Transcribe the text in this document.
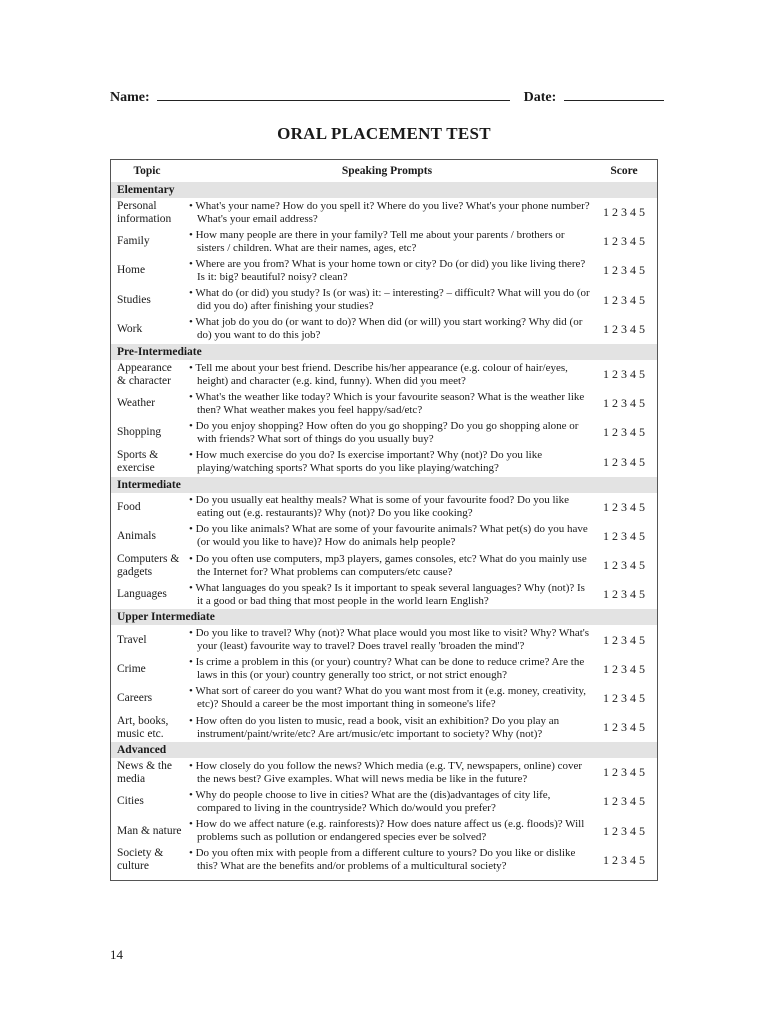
Name:	Date:
ORAL PLACEMENT TEST
Topic	Speaking Prompts	Score
Elementary		
Personal information	• What's your name? How do you spell it? Where do you live? What's your phone number? What's your email address?	1 2 3 4 5
Family	• How many people are there in your family? Tell me about your parents / brothers or sisters / children. What are their names, ages, etc?	1 2 3 4 5
Home	• Where are you from? What is your home town or city? Do (or did) you like living there? Is it: big? beautiful? noisy? clean?	1 2 3 4 5
Studies	• What do (or did) you study? Is (or was) it: – interesting? – difficult? What will you do (or did you do) after finishing your studies?	1 2 3 4 5
Work	• What job do you do (or want to do)? When did (or will) you start working? Why did (or do) you want to do this job?	1 2 3 4 5
Pre-Intermediate		
Appearance & character	• Tell me about your best friend. Describe his/her appearance (e.g. colour of hair/eyes, height) and character (e.g. kind, funny). When did you meet?	1 2 3 4 5
Weather	• What's the weather like today? Which is your favourite season? What is the weather like then? What weather makes you feel happy/sad/etc?	1 2 3 4 5
Shopping	• Do you enjoy shopping? How often do you go shopping? Do you go shopping alone or with friends? What sort of things do you usually buy?	1 2 3 4 5
Sports & exercise	• How much exercise do you do? Is exercise important? Why (not)? Do you like playing/watching sports? What sports do you like playing/watching?	1 2 3 4 5
Intermediate		
Food	• Do you usually eat healthy meals? What is some of your favourite food? Do you like eating out (e.g. restaurants)? Why (not)? Do you like cooking?	1 2 3 4 5
Animals	• Do you like animals? What are some of your favourite animals? What pet(s) do you have (or would you like to have)? How do animals help people?	1 2 3 4 5
Computers & gadgets	• Do you often use computers, mp3 players, games consoles, etc? What do you mainly use the Internet for? What problems can computers/etc cause?	1 2 3 4 5
Languages	• What languages do you speak? Is it important to speak several languages? Why (not)? Is it a good or bad thing that most people in the world learn English?	1 2 3 4 5
Upper Intermediate		
Travel	• Do you like to travel? Why (not)? What place would you most like to visit? Why? What's your (least) favourite way to travel? Does travel really 'broaden the mind'?	1 2 3 4 5
Crime	• Is crime a problem in this (or your) country? What can be done to reduce crime? Are the laws in this (or your) country generally too strict, or not strict enough?	1 2 3 4 5
Careers	• What sort of career do you want? What do you want most from it (e.g. money, creativity, etc)? Should a career be the most important thing in someone's life?	1 2 3 4 5
Art, books, music etc.	• How often do you listen to music, read a book, visit an exhibition? Do you play an instrument/paint/write/etc? Are art/music/etc important to society? Why (not)?	1 2 3 4 5
Advanced		
News & the media	• How closely do you follow the news? Which media (e.g. TV, newspapers, online) cover the news best? Give examples. What will news media be like in the future?	1 2 3 4 5
Cities	• Why do people choose to live in cities? What are the (dis)advantages of city life, compared to living in the countryside? Which do/would you prefer?	1 2 3 4 5
Man & nature	• How do we affect nature (e.g. rainforests)? How does nature affect us (e.g. floods)? Will problems such as pollution or endangered species ever be solved?	1 2 3 4 5
Society & culture	• Do you often mix with people from a different culture to yours? Do you like or dislike this? What are the benefits and/or problems of a multicultural society?	1 2 3 4 5
14
